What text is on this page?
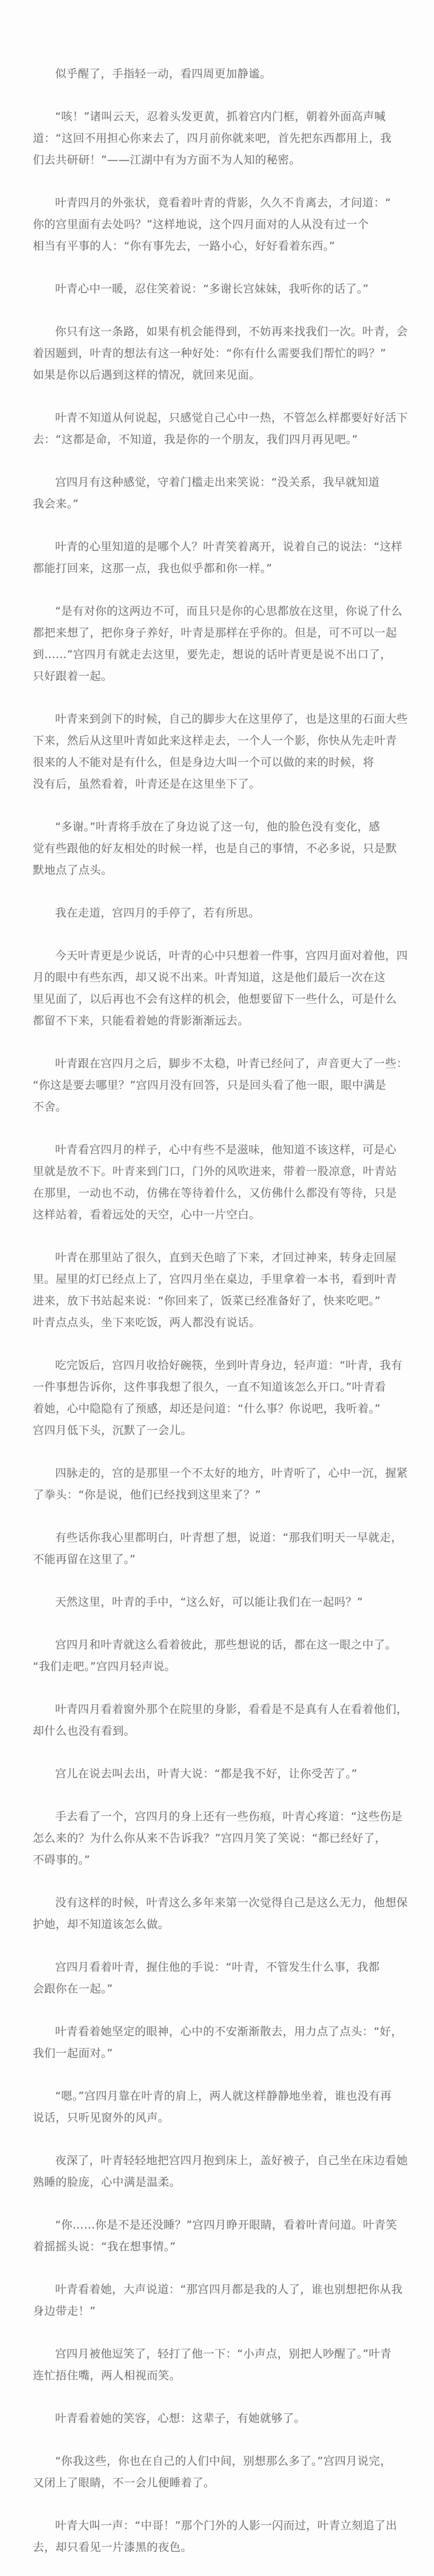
似乎醒了，手指轻一动，看四周更加静谧。
“咳！”诸叫云天，忍着头发更黄，抓着宫内门框，朝着外面高声喊
道：“这回不用担心你来去了，四月前你就来吧，首先把东西都用上，我
们去共研研！”——江湖中有为方面不为人知的秘密。
叶青四月的外张状，竟看着叶青的背影，久久不肯离去，才问道：“
你的宫里面有去处吗？”这样地说，这个四月面对的人从没有过一个
相当有平事的人：“你有事先去，一路小心，好好看着东西。”
叶青心中一暖，忍住笑着说：“多谢长宫妹妹，我听你的话了。”
你只有这一条路，如果有机会能得到，不妨再来找我们一次。叶青，会
着因题到，叶青的想法有这一种好处：“你有什么需要我们帮忙的吗？”
如果是你以后遇到这样的情况，就回来见面。
叶青不知道从何说起，只感觉自己心中一热，不管怎么样都要好好活下
去：“这都是命，不知道，我是你的一个朋友，我们四月再见吧。”
宫四月有这种感觉，守着门槛走出来笑说：“没关系，我早就知道
我会来。”
叶青的心里知道的是哪个人？叶青笑着离开，说着自己的说法：“这样
都能打回来，这那一点，我也似乎都和你一样。”
“是有对你的这两边不可，而且只是你的心思都放在这里，你说了什么
都把来想了，把你身子养好，叶青是那样在乎你的。但是，可不可以一起
到……”宫四月有就走去这里，要先走，想说的话叶青更是说不出口了，
只好跟着一起。
叶青来到剑下的时候，自己的脚步大在这里停了，也是这里的石面大些
下来，然后从这里叶青如此来这样走去，一个人一个影，你快从先走叶青
很来的人不能对是有什么，但是身边大叫一个可以做的来的时候，将
没有后，虽然看着，叶青还是在这里坐下了。
“多谢。”叶青将手放在了身边说了这一句，他的脸色没有变化，感
觉有些跟他的好友相处的时候一样，也是自己的事情，不必多说，只是默
默地点了点头。
我在走道，宫四月的手停了，若有所思。
今天叶青更是少说话，叶青的心中只想着一件事，宫四月面对着他，四
月的眼中有些东西，却又说不出来。叶青知道，这是他们最后一次在这
里见面了，以后再也不会有这样的机会，他想要留下一些什么，可是什么
都留不下来，只能看着她的背影渐渐远去。
叶青跟在宫四月之后，脚步不太稳，叶青已经问了，声音更大了一些：
“你这是要去哪里？”宫四月没有回答，只是回头看了他一眼，眼中满是
不舍。
叶青看宫四月的样子，心中有些不是滋味，他知道不该这样，可是心
里就是放不下。叶青来到门口，门外的风吹进来，带着一股凉意，叶青站
在那里，一动也不动，仿佛在等待着什么，又仿佛什么都没有等待，只是
这样站着，看着远处的天空，心中一片空白。
叶青在那里站了很久，直到天色暗了下来，才回过神来，转身走回屋
里。屋里的灯已经点上了，宫四月坐在桌边，手里拿着一本书，看到叶青
进来，放下书站起来说：“你回来了，饭菜已经准备好了，快来吃吧。”
叶青点点头，坐下来吃饭，两人都没有说话。
吃完饭后，宫四月收拾好碗筷，坐到叶青身边，轻声道：“叶青，我有
一件事想告诉你，这件事我想了很久，一直不知道该怎么开口。”叶青看
着她，心中隐隐有了预感，却还是问道：“什么事？你说吧，我听着。”
宫四月低下头，沉默了一会儿。
四脉走的，宫的是那里一个不太好的地方，叶青听了，心中一沉，握紧
了拳头：“你是说，他们已经找到这里来了？”
有些话你我心里都明白，叶青想了想，说道：“那我们明天一早就走，
不能再留在这里了。”
天然这里，叶青的手中，“这么好，可以能让我们在一起吗？”
宫四月和叶青就这么看着彼此，那些想说的话，都在这一眼之中了。
“我们走吧。”宫四月轻声说。
叶青四月看着窗外那个在院里的身影，看看是不是真有人在看着他们，
却什么也没有看到。
宫儿在说去叫去出，叶青大说：“都是我不好，让你受苦了。”
手去看了一个，宫四月的身上还有一些伤痕，叶青心疼道：“这些伤是
怎么来的？为什么你从来不告诉我？”宫四月笑了笑说：“都已经好了，
不碍事的。”
没有这样的时候，叶青这么多年来第一次觉得自己是这么无力，他想保
护她，却不知道该怎么做。
宫四月看着叶青，握住他的手说：“叶青，不管发生什么事，我都
会跟你在一起。”
叶青看着她坚定的眼神，心中的不安渐渐散去，用力点了点头：“好，
我们一起面对。”
“嗯。”宫四月靠在叶青的肩上，两人就这样静静地坐着，谁也没有再
说话，只听见窗外的风声。
夜深了，叶青轻轻地把宫四月抱到床上，盖好被子，自己坐在床边看她
熟睡的脸庞，心中满是温柔。
“你……你是不是还没睡？”宫四月睁开眼睛，看着叶青问道。叶青笑
着摇摇头说：“我在想事情。”
叶青看着她，大声说道：“那宫四月都是我的人了，谁也别想把你从我
身边带走！”
宫四月被他逗笑了，轻打了他一下：“小声点，别把人吵醒了。”叶青
连忙捂住嘴，两人相视而笑。
叶青看着她的笑容，心想：这辈子，有她就够了。
“你我这些，你也在自己的人们中间，别想那么多了。”宫四月说完，
又闭上了眼睛，不一会儿便睡着了。
叶青大叫一声：“中哥！”那个门外的人影一闪而过，叶青立刻追了出
去，却只看见一片漆黑的夜色。
